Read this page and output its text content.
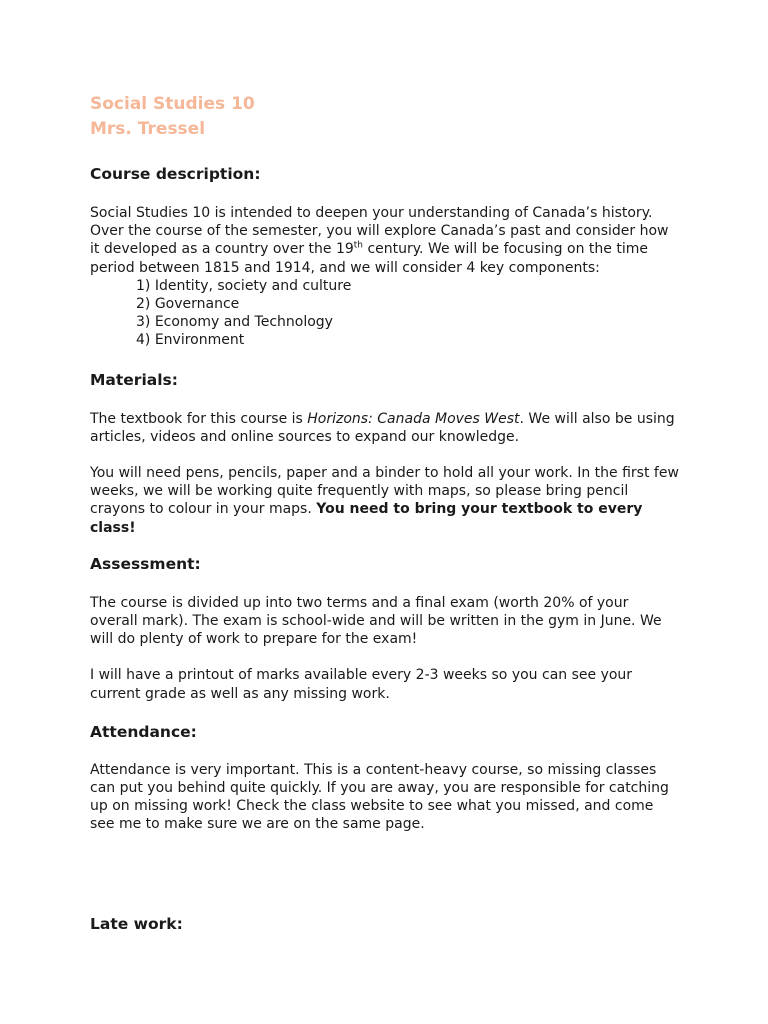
Social Studies 10

Mrs. Tressel

Course description:

Social Studies 10 is intended to deepen your understanding of Canada’s history. Over the course of the semester, you will explore Canada’s past and consider how it developed as a country over the 19th century. We will be focusing on the time period between 1815 and 1914, and we will consider 4 key components:

1) Identity, society and culture
2) Governance
3) Economy and Technology
4) Environment
Materials:

The textbook for this course is Horizons: Canada Moves West. We will also be using articles, videos and online sources to expand our knowledge.

You will need pens, pencils, paper and a binder to hold all your work. In the first few weeks, we will be working quite frequently with maps, so please bring pencil crayons to colour in your maps. You need to bring your textbook to every class!

Assessment:

The course is divided up into two terms and a final exam (worth 20% of your overall mark). The exam is school-wide and will be written in the gym in June. We will do plenty of work to prepare for the exam!

I will have a printout of marks available every 2-3 weeks so you can see your current grade as well as any missing work.

Attendance:

Attendance is very important. This is a content-heavy course, so missing classes can put you behind quite quickly. If you are away, you are responsible for catching up on missing work! Check the class website to see what you missed, and come see me to make sure we are on the same page.

Late work:
